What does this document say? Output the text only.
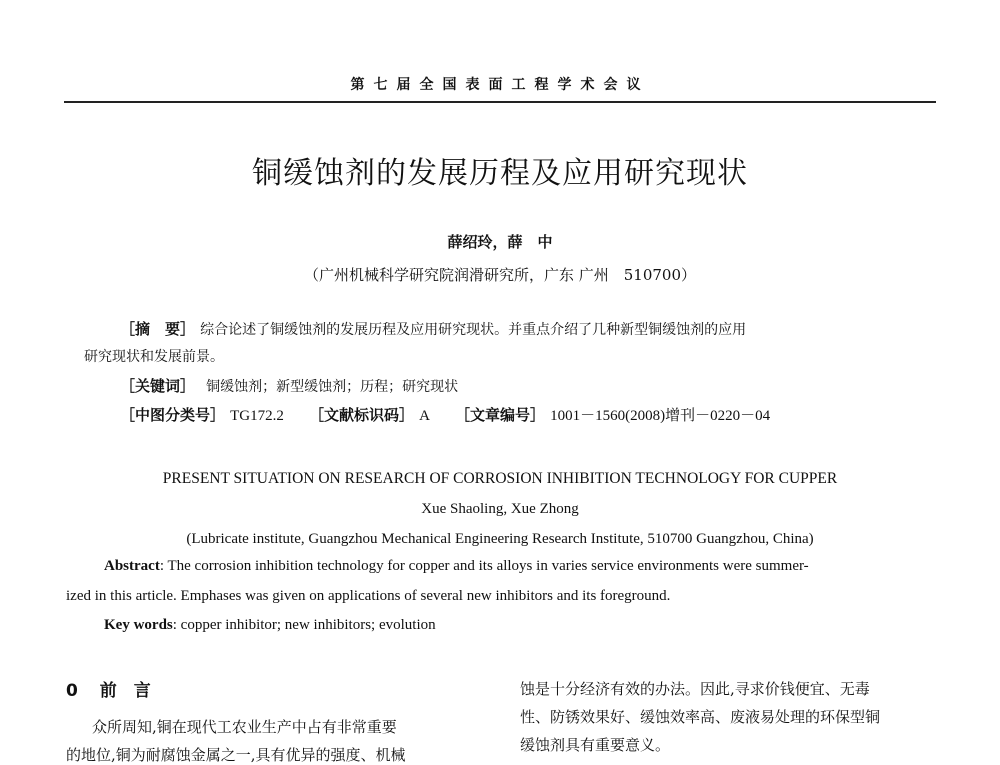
第七届全国表面工程学术会议
铜缓蚀剂的发展历程及应用研究现状
薛绍玲，薛　中
（广州机械科学研究院润滑研究所，广东 广州　510700）
［摘　要］ 综合论述了铜缓蚀剂的发展历程及应用研究现状。并重点介绍了几种新型铜缓蚀剂的应用
研究现状和发展前景。
［关键词］ 铜缓蚀剂；新型缓蚀剂；历程；研究现状
［中图分类号］ TG172.2 ［文献标识码］ A ［文章编号］ 1001－1560(2008)增刊－0220－04
PRESENT SITUATION ON RESEARCH OF CORROSION INHIBITION TECHNOLOGY FOR CUPPER
Xue Shaoling, Xue Zhong
(Lubricate institute, Guangzhou Mechanical Engineering Research Institute, 510700 Guangzhou, China)
Abstract: The corrosion inhibition technology for copper and its alloys in varies service environments were summer-
ized in this article. Emphases was given on applications of several new inhibitors and its foreground.
Key words: copper inhibitor; new inhibitors; evolution
0 前　言
众所周知,铜在现代工农业生产中占有非常重要
的地位,铜为耐腐蚀金属之一,具有优异的强度、机械
蚀是十分经济有效的办法。因此,寻求价钱便宜、无毒
性、防锈效果好、缓蚀效率高、废液易处理的环保型铜
缓蚀剂具有重要意义。
